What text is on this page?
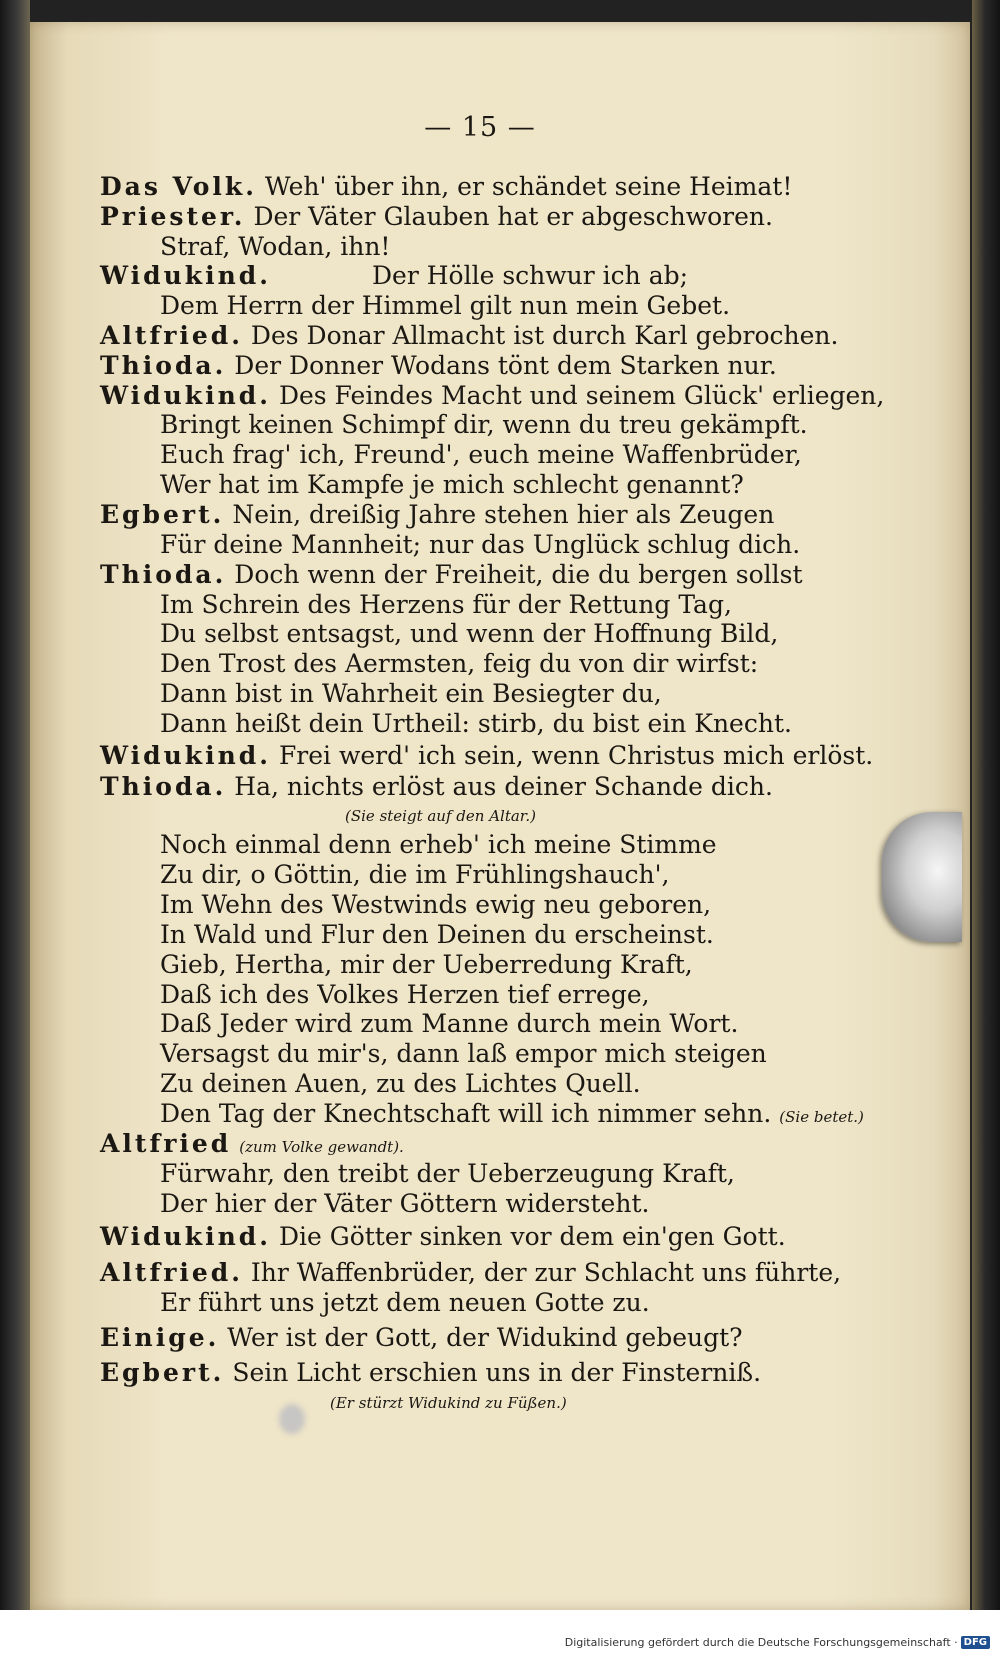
— 15 —
Das Volk. Weh' über ihn, er schändet seine Heimat!
Priester. Der Väter Glauben hat er abgeschworen.
Straf, Wodan, ihn!
Widukind.	Der Hölle schwur ich ab;
Dem Herrn der Himmel gilt nun mein Gebet.
Altfried. Des Donar Allmacht ist durch Karl gebrochen.
Thioda. Der Donner Wodans tönt dem Starken nur.
Widukind. Des Feindes Macht und seinem Glück' erliegen,
Bringt keinen Schimpf dir, wenn du treu gekämpft.
Euch frag' ich, Freund', euch meine Waffenbrüder,
Wer hat im Kampfe je mich schlecht genannt?
Egbert. Nein, dreißig Jahre stehen hier als Zeugen
Für deine Mannheit; nur das Unglück schlug dich.
Thioda. Doch wenn der Freiheit, die du bergen sollst
Im Schrein des Herzens für der Rettung Tag,
Du selbst entsagst, und wenn der Hoffnung Bild,
Den Trost des Aermsten, feig du von dir wirfst:
Dann bist in Wahrheit ein Besiegter du,
Dann heißt dein Urtheil: stirb, du bist ein Knecht.
Widukind. Frei werd' ich sein, wenn Christus mich erlöst.
Thioda. Ha, nichts erlöst aus deiner Schande dich.
(Sie steigt auf den Altar.)
Noch einmal denn erheb' ich meine Stimme
Zu dir, o Göttin, die im Frühlingshauch',
Im Wehn des Westwinds ewig neu geboren,
In Wald und Flur den Deinen du erscheinst.
Gieb, Hertha, mir der Ueberredung Kraft,
Daß ich des Volkes Herzen tief errege,
Daß Jeder wird zum Manne durch mein Wort.
Versagst du mir's, dann laß empor mich steigen
Zu deinen Auen, zu des Lichtes Quell.
Den Tag der Knechtschaft will ich nimmer sehn. (Sie betet.)
Altfried (zum Volke gewandt).
Fürwahr, den treibt der Ueberzeugung Kraft,
Der hier der Väter Göttern widersteht.
Widukind. Die Götter sinken vor dem ein'gen Gott.
Altfried. Ihr Waffenbrüder, der zur Schlacht uns führte,
Er führt uns jetzt dem neuen Gotte zu.
Einige. Wer ist der Gott, der Widukind gebeugt?
Egbert. Sein Licht erschien uns in der Finsterniß.
(Er stürzt Widukind zu Füßen.)
Digitalisierung gefördert durch die Deutsche Forschungsgemeinschaft · DFG
